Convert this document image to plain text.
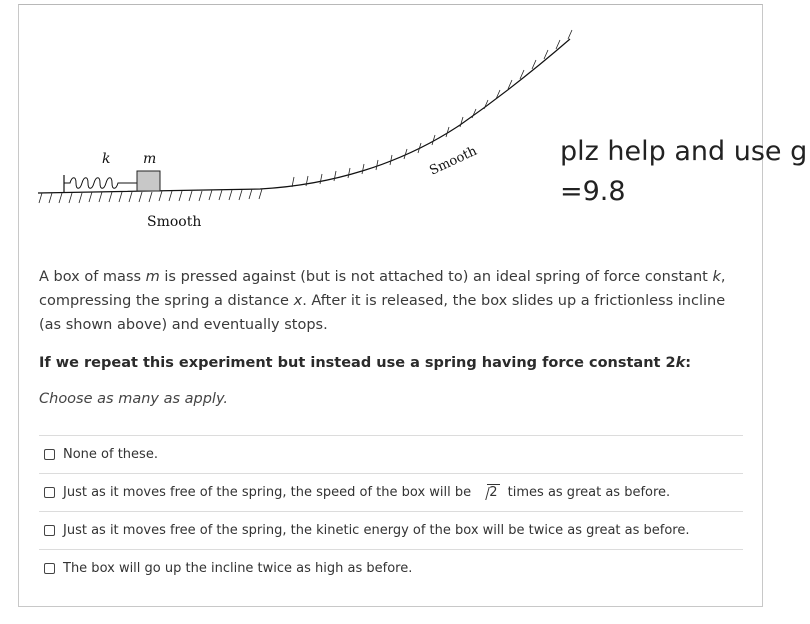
k m
Smooth
Smooth	plz help and use g
=9.8
A box of mass m is pressed against (but is not attached to) an ideal spring of force constant k, compressing the spring a distance x. After it is released, the box slides up a frictionless incline (as shown above) and eventually stops.
If we repeat this experiment but instead use a spring having force constant 2k:
Choose as many as apply.
None of these.
Just as it moves free of the spring, the speed of the box will be 2 times as great as before.
Just as it moves free of the spring, the kinetic energy of the box will be twice as great as before.
The box will go up the incline twice as high as before.
